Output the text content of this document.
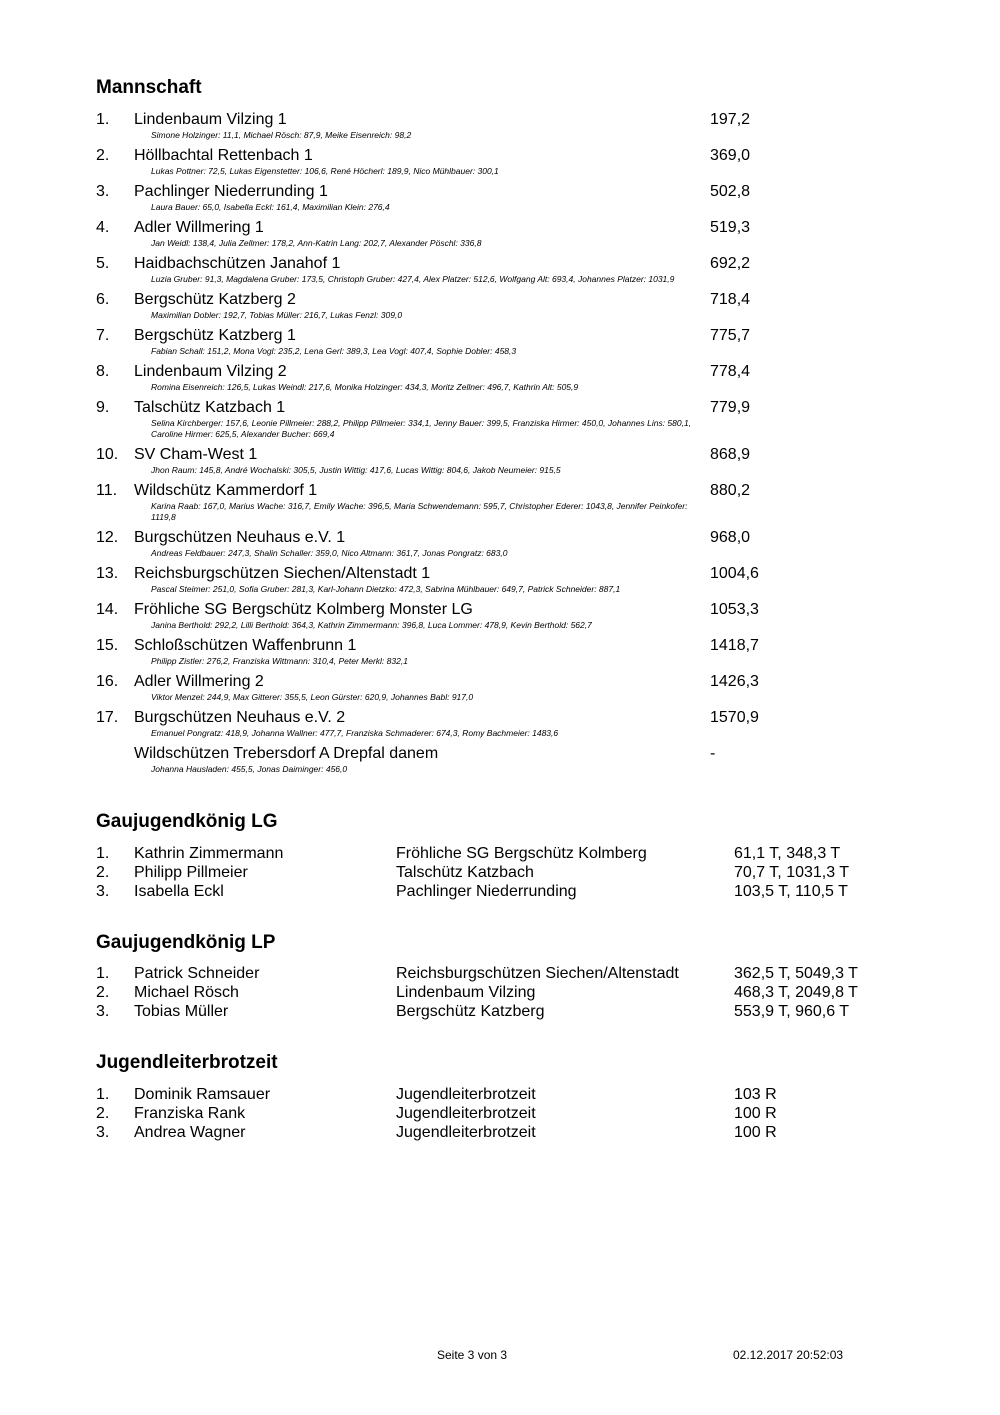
Mannschaft
1. Lindenbaum Vilzing 1	197,2
Simone Holzinger: 11,1, Michael Rösch: 87,9, Meike Eisenreich: 98,2
2. Höllbachtal Rettenbach 1	369,0
Lukas Pottner: 72,5, Lukas Eigenstetter: 106,6, René Höcherl: 189,9, Nico Mühlbauer: 300,1
3. Pachlinger Niederrunding 1	502,8
Laura Bauer: 65,0, Isabella Eckl: 161,4, Maximilian Klein: 276,4
4. Adler Willmering 1	519,3
Jan Weidl: 138,4, Julia Zellmer: 178,2, Ann-Katrin Lang: 202,7, Alexander Pöschl: 336,8
5. Haidbachschützen Janahof 1	692,2
Luzia Gruber: 91,3, Magdalena Gruber: 173,5, Christoph Gruber: 427,4, Alex Platzer: 512,6, Wolfgang Alt: 693,4, Johannes Platzer: 1031,9
6. Bergschütz Katzberg 2	718,4
Maximilian Dobler: 192,7, Tobias Müller: 216,7, Lukas Fenzl: 309,0
7. Bergschütz Katzberg 1	775,7
Fabian Schall: 151,2, Mona Vogl: 235,2, Lena Gerl: 389,3, Lea Vogl: 407,4, Sophie Dobler: 458,3
8. Lindenbaum Vilzing 2	778,4
Romina Eisenreich: 126,5, Lukas Weindl: 217,6, Monika Holzinger: 434,3, Moritz Zellner: 496,7, Kathrin Alt: 505,9
9. Talschütz Katzbach 1	779,9
Selina Kirchberger: 157,6, Leonie Pillmeier: 288,2, Philipp Pillmeier: 334,1, Jenny Bauer: 399,5, Franziska Hirmer: 450,0, Johannes Lins: 580,1, Caroline Hirmer: 625,5, Alexander Bucher: 669,4
10. SV Cham-West 1	868,9
Jhon Raum: 145,8, André Wochalski: 305,5, Justin Wittig: 417,6, Lucas Wittig: 804,6, Jakob Neumeier: 915,5
11. Wildschütz Kammerdorf 1	880,2
Karina Raab: 167,0, Marius Wache: 316,7, Emily Wache: 396,5, Maria Schwendemann: 595,7, Christopher Ederer: 1043,8, Jennifer Peinkofer: 1119,8
12. Burgschützen Neuhaus e.V. 1	968,0
Andreas Feldbauer: 247,3, Shalin Schaller: 359,0, Nico Altmann: 361,7, Jonas Pongratz: 683,0
13. Reichsburgschützen Siechen/Altenstadt 1	1004,6
Pascal Steimer: 251,0, Sofia Gruber: 281,3, Karl-Johann Dietzko: 472,3, Sabrina Mühlbauer: 649,7, Patrick Schneider: 887,1
14. Fröhliche SG Bergschütz Kolmberg Monster LG	1053,3
Janina Berthold: 292,2, Lilli Berthold: 364,3, Kathrin Zimmermann: 396,8, Luca Lommer: 478,9, Kevin Berthold: 562,7
15. Schloßschützen Waffenbrunn 1	1418,7
Philipp Zistler: 276,2, Franziska Wittmann: 310,4, Peter Merkl: 832,1
16. Adler Willmering 2	1426,3
Viktor Menzel: 244,9, Max Gitterer: 355,5, Leon Gürster: 620,9, Johannes Babl: 917,0
17. Burgschützen Neuhaus e.V. 2	1570,9
Emanuel Pongratz: 418,9, Johanna Wallner: 477,7, Franziska Schmaderer: 674,3, Romy Bachmeier: 1483,6
Wildschützen Trebersdorf A Drepfal danem	-
Johanna Hausladen: 455,5, Jonas Daiminger: 456,0
Gaujugendkönig LG
1. Kathrin Zimmermann	Fröhliche SG Bergschütz Kolmberg	61,1 T, 348,3 T
2. Philipp Pillmeier	Talschütz Katzbach	70,7 T, 1031,3 T
3. Isabella Eckl	Pachlinger Niederrunding	103,5 T, 110,5 T
Gaujugendkönig LP
1. Patrick Schneider	Reichsburgschützen Siechen/Altenstadt	362,5 T, 5049,3 T
2. Michael Rösch	Lindenbaum Vilzing	468,3 T, 2049,8 T
3. Tobias Müller	Bergschütz Katzberg	553,9 T, 960,6 T
Jugendleiterbrotzeit
1. Dominik Ramsauer	Jugendleiterbrotzeit	103 R
2. Franziska Rank	Jugendleiterbrotzeit	100 R
3. Andrea Wagner	Jugendleiterbrotzeit	100 R
Seite 3 von 3	02.12.2017 20:52:03
